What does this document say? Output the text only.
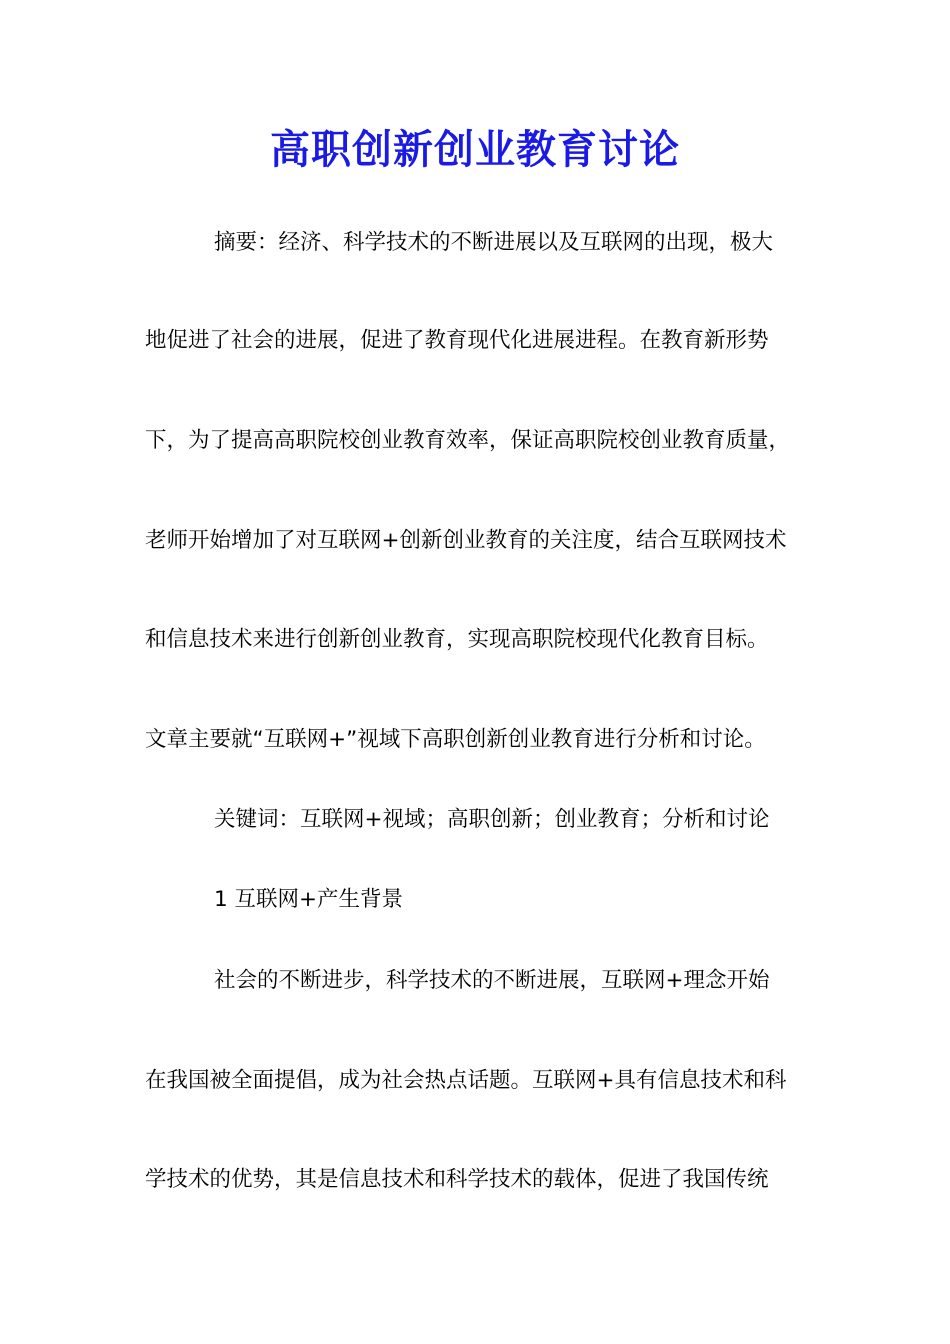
高职创新创业教育讨论
摘要：经济、科学技术的不断进展以及互联网的出现，极大
地促进了社会的进展，促进了教育现代化进展进程。在教育新形势
下，为了提高高职院校创业教育效率，保证高职院校创业教育质量，
老师开始增加了对互联网+创新创业教育的关注度，结合互联网技术
和信息技术来进行创新创业教育，实现高职院校现代化教育目标。
文章主要就“互联网+”视域下高职创新创业教育进行分析和讨论。
关键词：互联网+视域；高职创新；创业教育；分析和讨论
1 互联网+产生背景
社会的不断进步，科学技术的不断进展，互联网+理念开始
在我国被全面提倡，成为社会热点话题。互联网+具有信息技术和科
学技术的优势，其是信息技术和科学技术的载体，促进了我国传统
